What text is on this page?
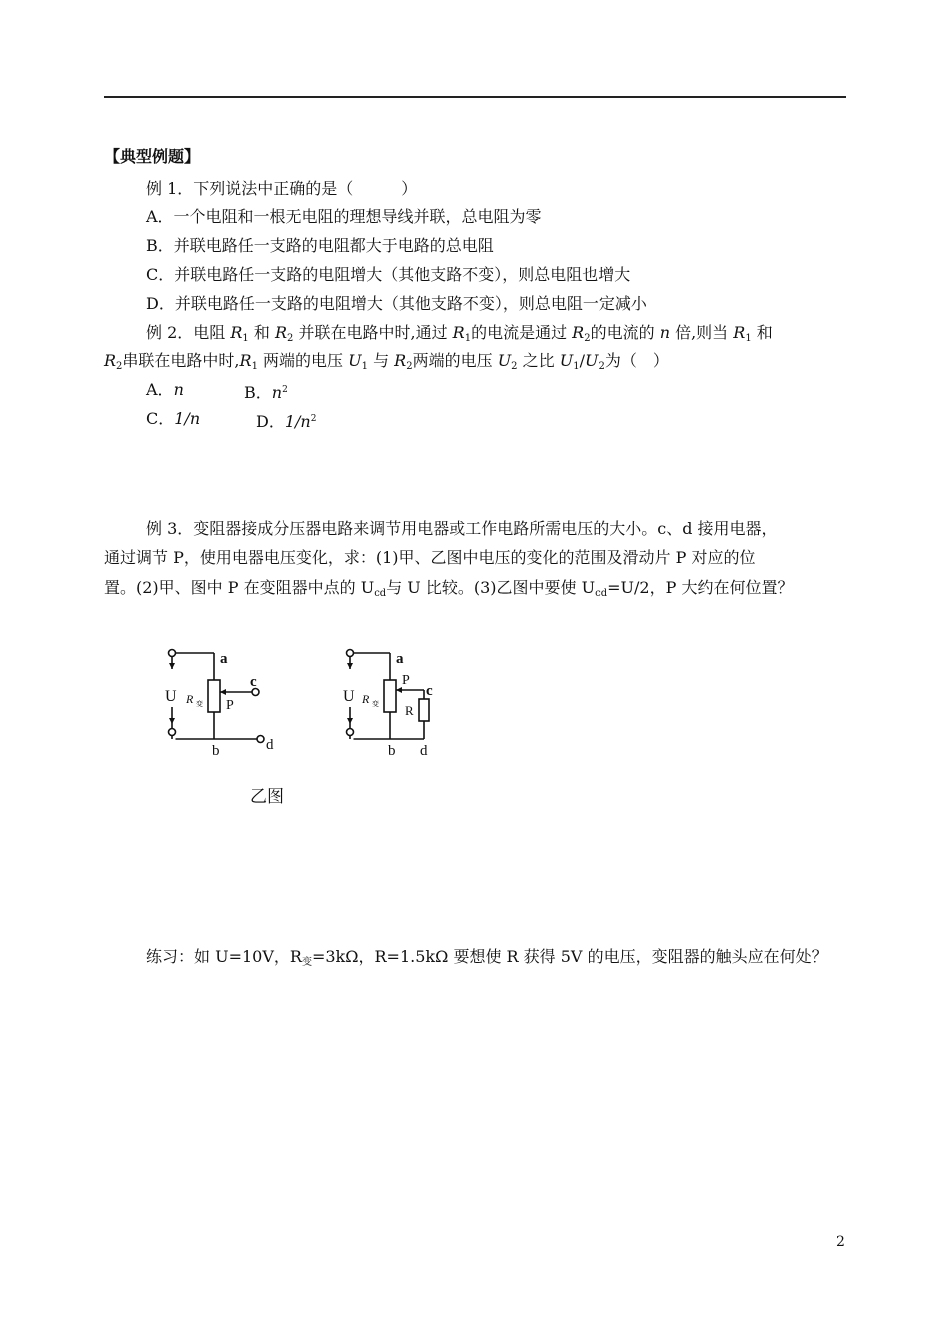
【典型例题】
例 1．下列说法中正确的是（　　　）
A．一个电阻和一根无电阻的理想导线并联，总电阻为零
B．并联电路任一支路的电阻都大于电路的总电阻
C．并联电路任一支路的电阻增大（其他支路不变），则总电阻也增大
D．并联电路任一支路的电阻增大（其他支路不变），则总电阻一定减小
例 2．电阻 $R_1$ 和 $R_2$ 并联在电路中时,通过 $R_1$的电流是通过 $R_2$的电流的 n 倍,则当 $R_1$ 和
$R_2$串联在电路中时$,R_1$ 两端的电压 $U_1$ 与 $R_2$两端的电压 $U_2$ 之比 $U_1/U_2$为（　）
A．n	B．$n^2$
C．1/n	D．$1/n^2$
例 3．变阻器接成分压器电路来调节用电器或工作电路所需电压的大小。c、d 接用电器，
通过调节 P，使用电器电压变化，求：(1)甲、乙图中电压的变化的范围及滑动片 P 对应的位
置。(2)甲、图中 P 在变阻器中点的 $U_{cd}$与 U 比较。(3)乙图中要使 $U_{cd}=U/2$，P 大约在何位置？
a
c
U R 变 P
b	d
a
P
c
U R 变 R
b d
乙图
练习：如 U=10V，$R_变=3k\Omega$，R=1.5kΩ 要想使 R 获得 5V 的电压，变阻器的触头应在何处？
2
